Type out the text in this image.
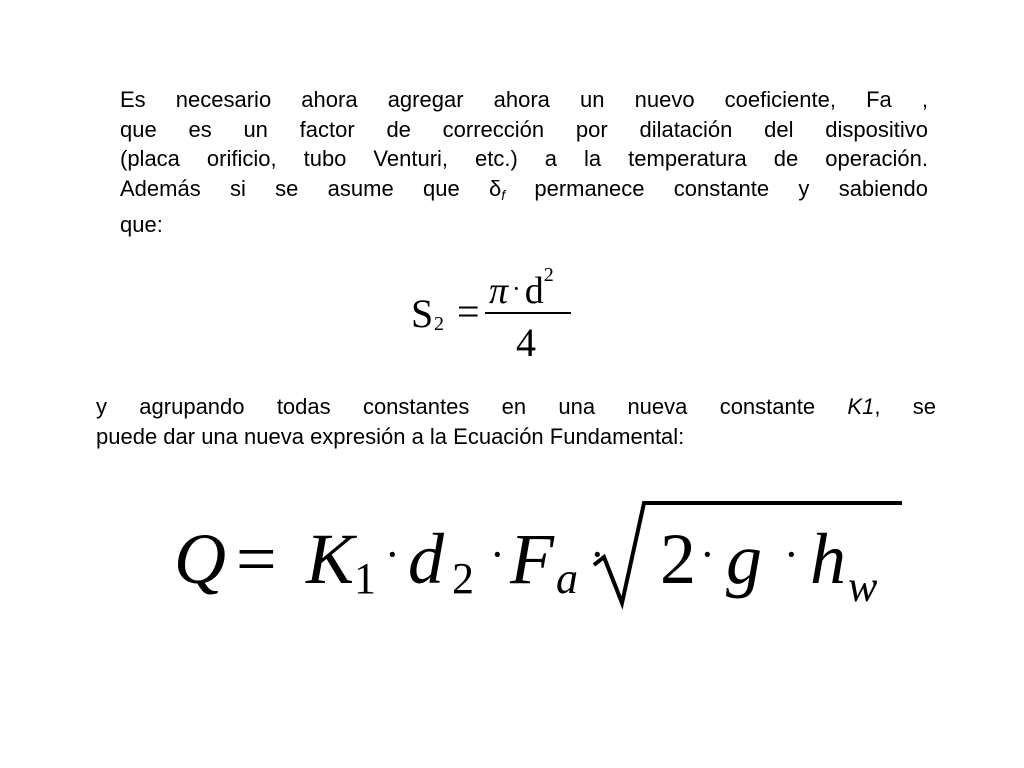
Es necesario ahora agregar ahora un nuevo coeficiente, Fa ,
que es un factor de corrección por dilatación del dispositivo
(placa orificio, tubo Venturi, etc.) a la temperatura de operación.
Además si se asume que $\delta_f$ permanece constante y sabiendo
que:
S $2 = \pi \cdot d^2$
4
y agrupando todas constantes en una nueva constante K1, se
puede dar una nueva expresión a la Ecuación Fundamental:
Q = K 1 · d 2 · F a · 2 · g · h w
